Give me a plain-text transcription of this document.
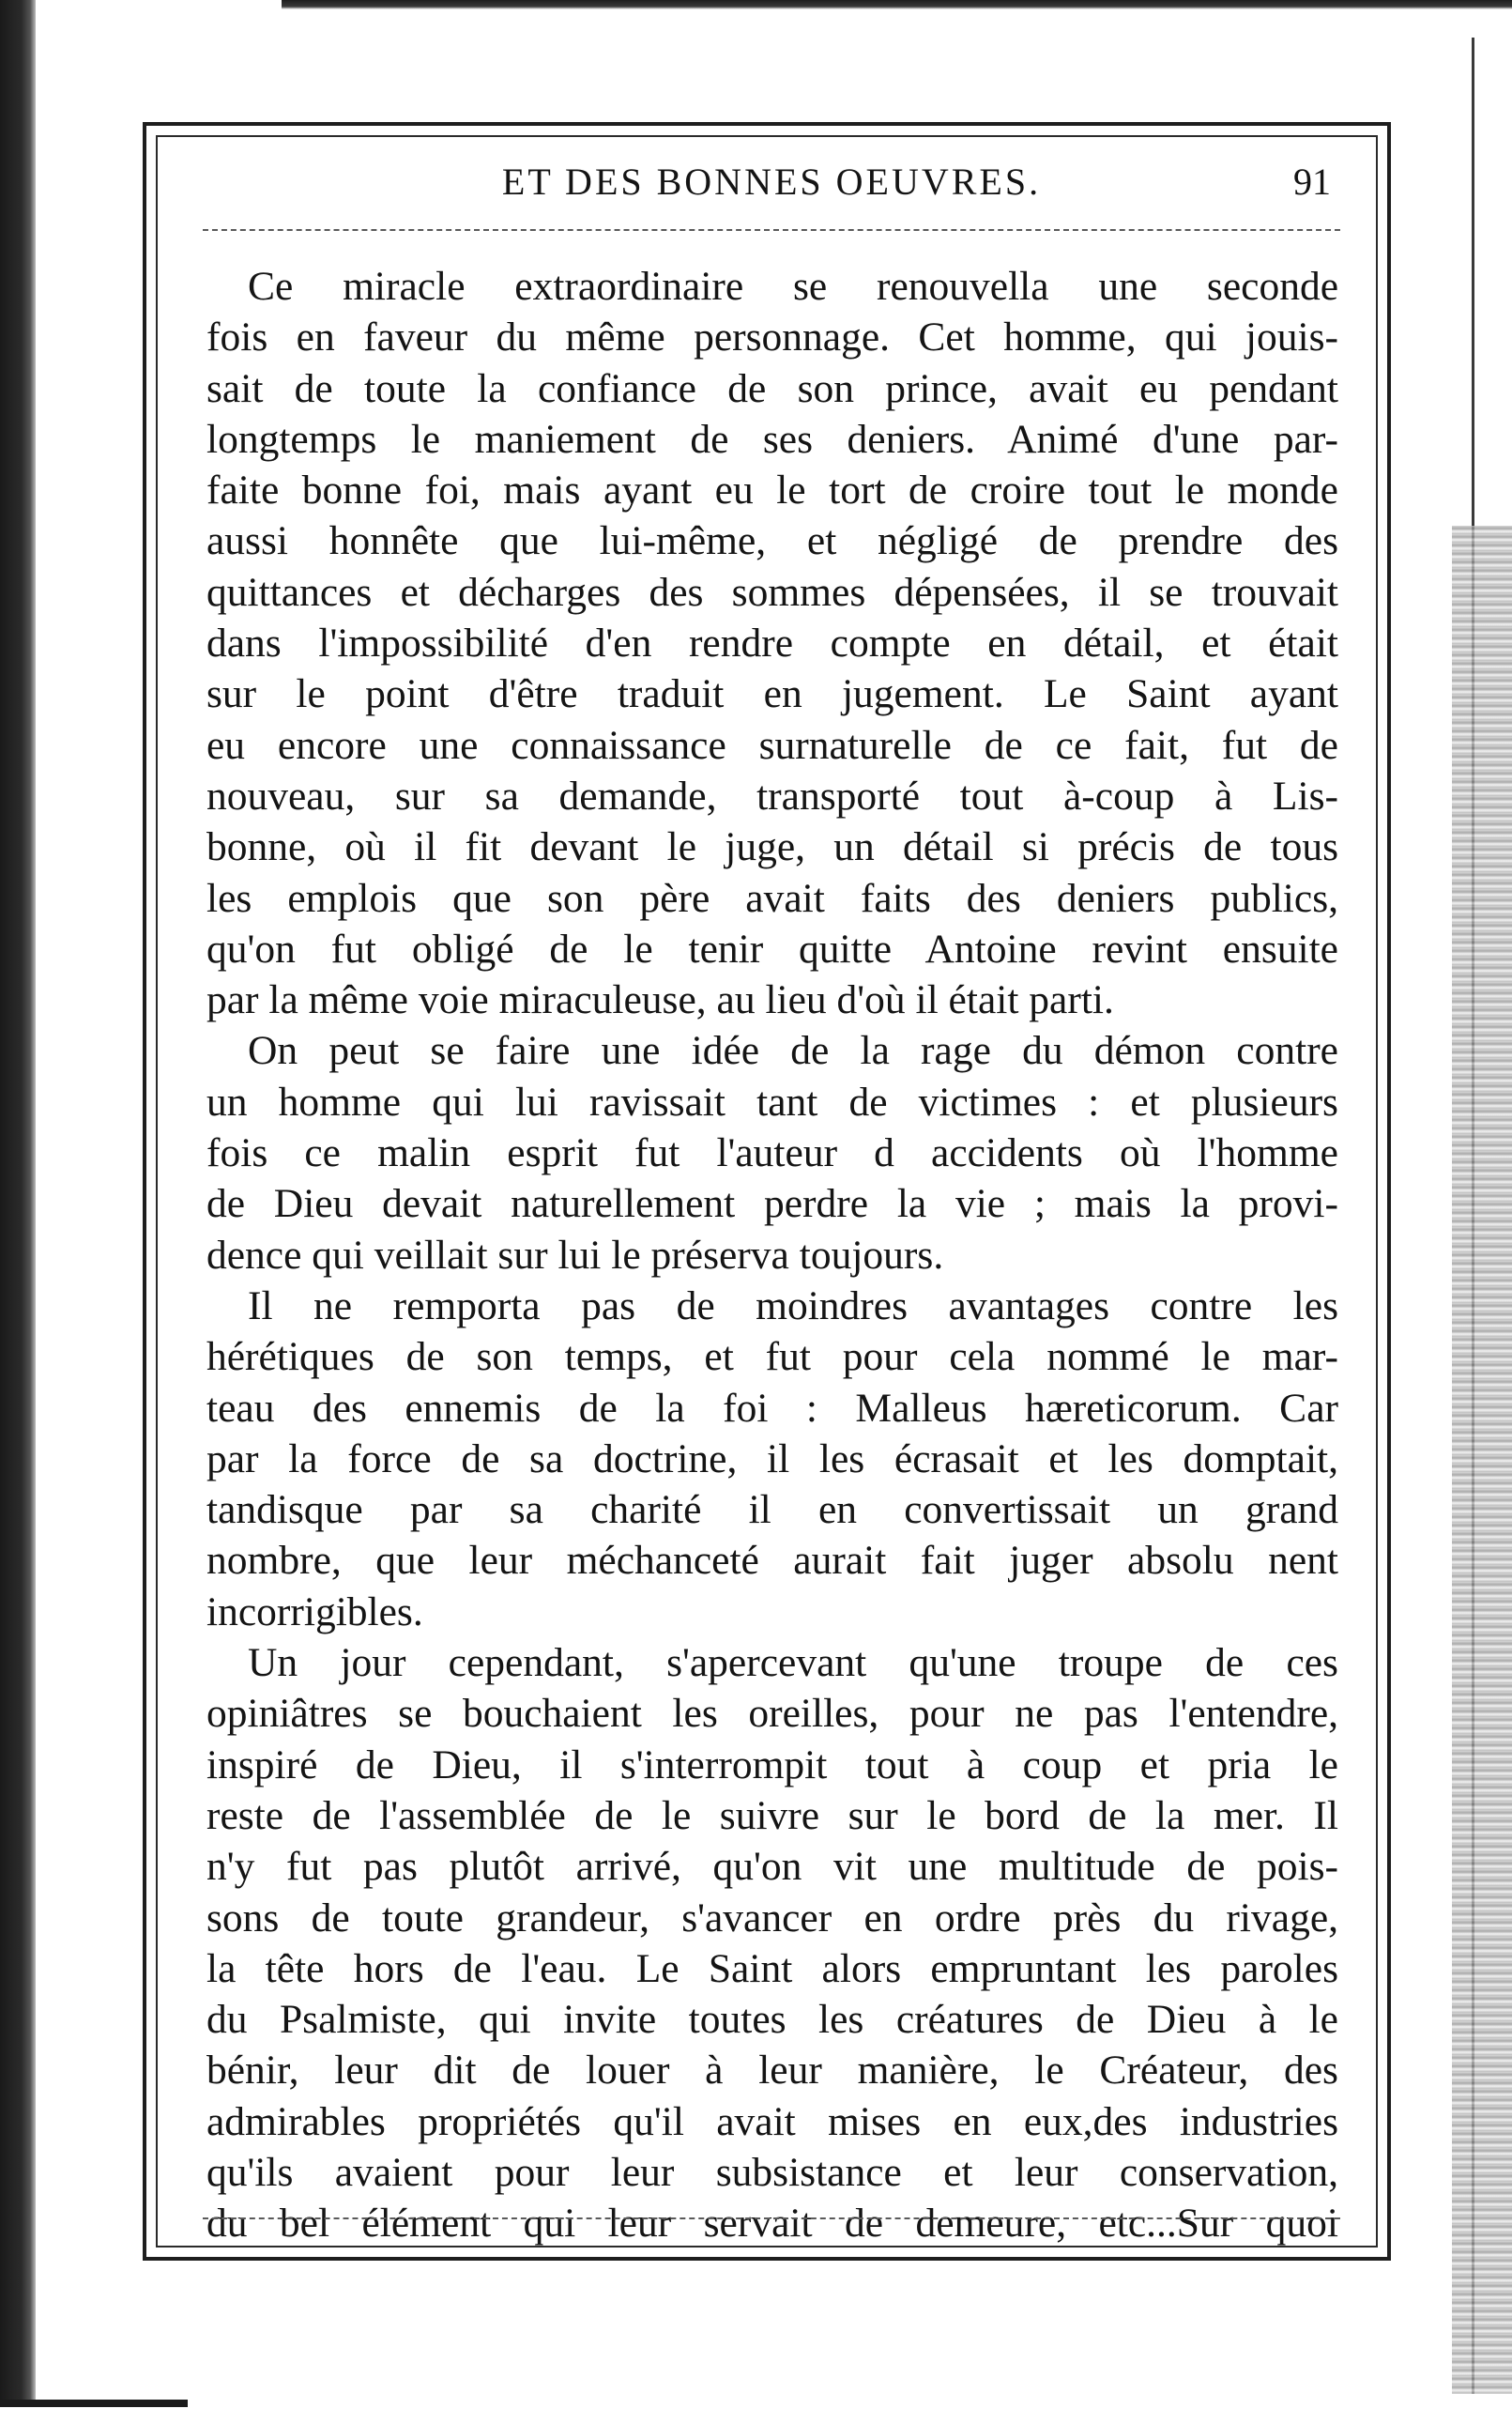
ET DES BONNES OEUVRES.	91
Ce miracle extraordinaire se renouvella une seconde
fois en faveur du même personnage. Cet homme, qui jouis-
sait de toute la confiance de son prince, avait eu pendant
longtemps le maniement de ses deniers. Animé d'une par-
faite bonne foi, mais ayant eu le tort de croire tout le monde
aussi honnête que lui-même, et négligé de prendre des
quittances et décharges des sommes dépensées, il se trouvait
dans l'impossibilité d'en rendre compte en détail, et était
sur le point d'être traduit en jugement. Le Saint ayant
eu encore une connaissance surnaturelle de ce fait, fut de
nouveau, sur sa demande, transporté tout à-coup à Lis-
bonne, où il fit devant le juge, un détail si précis de tous
les emplois que son père avait faits des deniers publics,
qu'on fut obligé de le tenir quitte Antoine revint ensuite
par la même voie miraculeuse, au lieu d'où il était parti.
On peut se faire une idée de la rage du démon contre
un homme qui lui ravissait tant de victimes : et plusieurs
fois ce malin esprit fut l'auteur d accidents où l'homme
de Dieu devait naturellement perdre la vie ; mais la provi-
dence qui veillait sur lui le préserva toujours.
Il ne remporta pas de moindres avantages contre les
hérétiques de son temps, et fut pour cela nommé le mar-
teau des ennemis de la foi : Malleus hæreticorum. Car
par la force de sa doctrine, il les écrasait et les domptait,
tandisque par sa charité il en convertissait un grand
nombre, que leur méchanceté aurait fait juger absolu nent
incorrigibles.
Un jour cependant, s'apercevant qu'une troupe de ces
opiniâtres se bouchaient les oreilles, pour ne pas l'entendre,
inspiré de Dieu, il s'interrompit tout à coup et pria le
reste de l'assemblée de le suivre sur le bord de la mer. Il
n'y fut pas plutôt arrivé, qu'on vit une multitude de pois-
sons de toute grandeur, s'avancer en ordre près du rivage,
la tête hors de l'eau. Le Saint alors empruntant les paroles
du Psalmiste, qui invite toutes les créatures de Dieu à le
bénir, leur dit de louer à leur manière, le Créateur, des
admirables propriétés qu'il avait mises en eux,des industries
qu'ils avaient pour leur subsistance et leur conservation,
du bel élément qui leur servait de demeure, etc...Sur quoi
